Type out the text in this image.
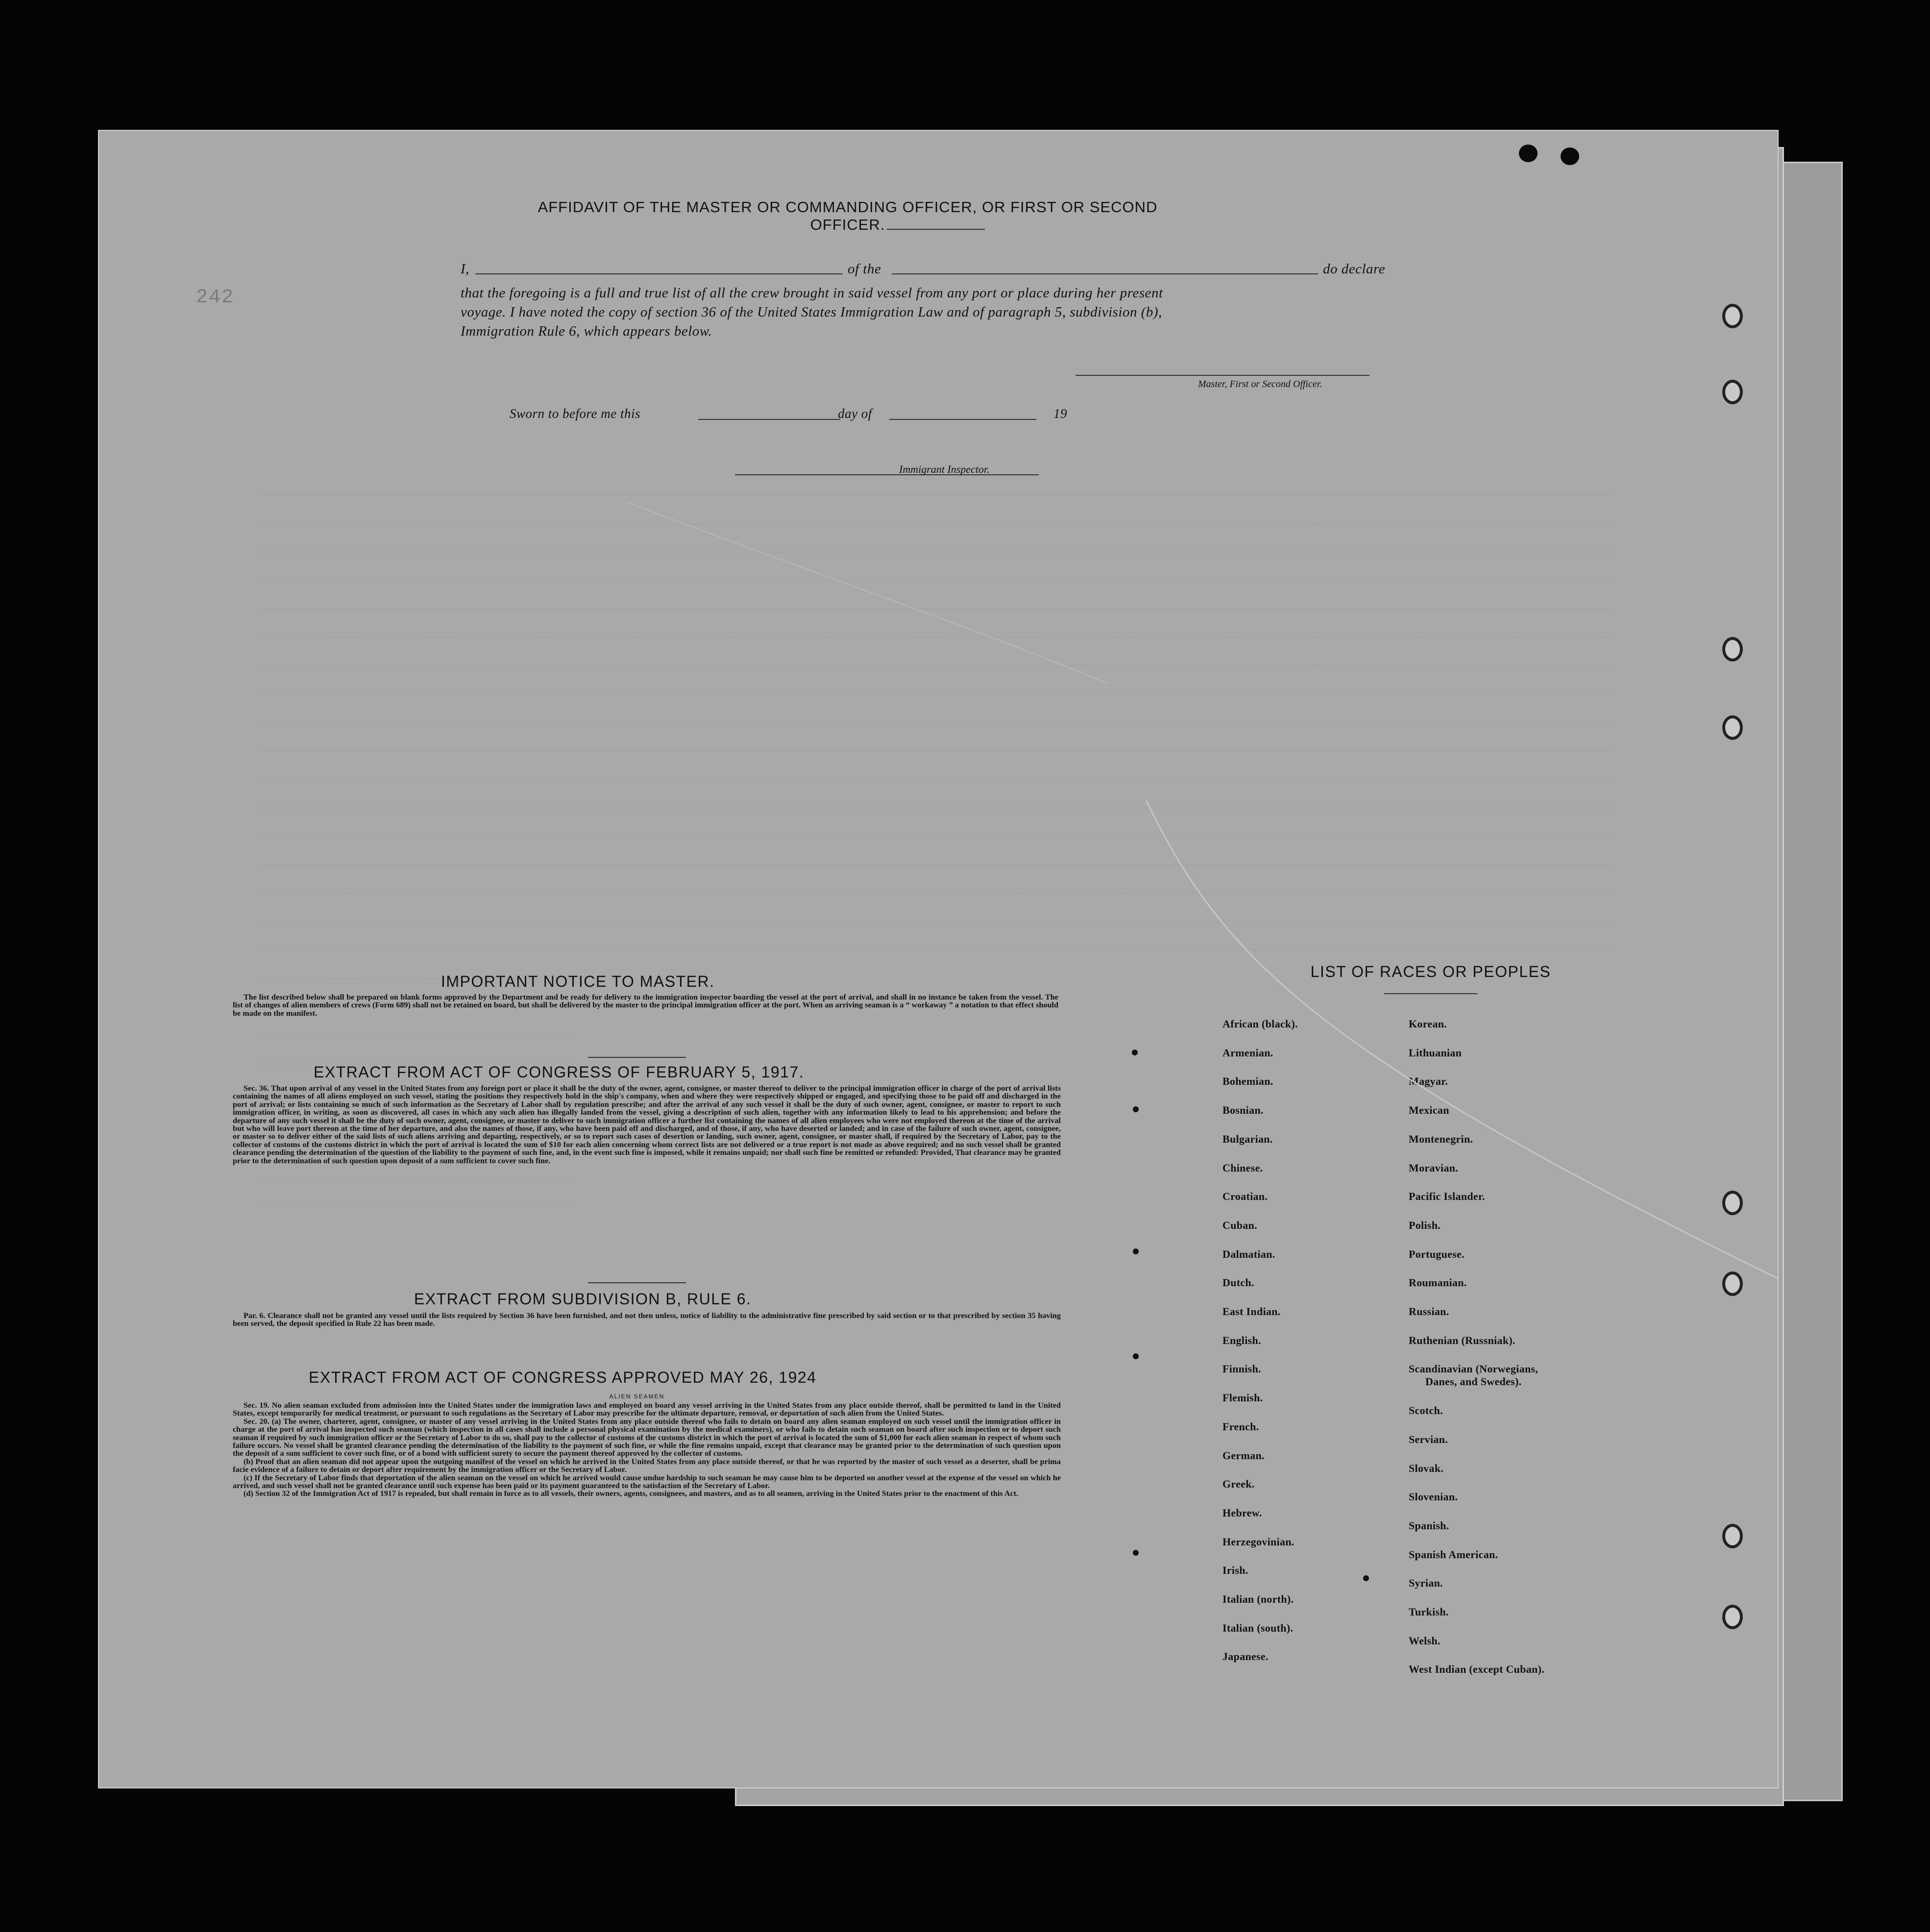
242
AFFIDAVIT OF THE MASTER OR COMMANDING OFFICER, OR FIRST OR SECOND OFFICER.
I,	of the	do declare
that the foregoing is a full and true list of all the crew brought in said vessel from any port or place during her present
voyage. I have noted the copy of section 36 of the United States Immigration Law and of paragraph 5, subdivision (b),
Immigration Rule 6, which appears below.
Master, First or Second Officer.
Sworn to before me this	day of	19
Immigrant Inspector.
IMPORTANT NOTICE TO MASTER.
The list described below shall be prepared on blank forms approved by the Department and be ready for delivery to the immigration inspector boarding the vessel at the port of arrival, and shall in no instance be taken from the vessel. The list of changes of alien members of crews (Form 689) shall not be retained on board, but shall be delivered by the master to the principal immigration officer at the port. When an arriving seaman is a “ workaway ” a notation to that effect should be made on the manifest.
EXTRACT FROM ACT OF CONGRESS OF FEBRUARY 5, 1917.
Sec. 36. That upon arrival of any vessel in the United States from any foreign port or place it shall be the duty of the owner, agent, consignee, or master thereof to deliver to the principal immigration officer in charge of the port of arrival lists containing the names of all aliens employed on such vessel, stating the positions they respectively hold in the ship's company, when and where they were respectively shipped or engaged, and specifying those to be paid off and discharged in the port of arrival; or lists containing so much of such information as the Secretary of Labor shall by regulation prescribe; and after the arrival of any such vessel it shall be the duty of such owner, agent, consignee, or master to report to such immigration officer, in writing, as soon as discovered, all cases in which any such alien has illegally landed from the vessel, giving a description of such alien, together with any information likely to lead to his apprehension; and before the departure of any such vessel it shall be the duty of such owner, agent, consignee, or master to deliver to such immigration officer a further list containing the names of all alien employees who were not employed thereon at the time of the arrival but who will leave port thereon at the time of her departure, and also the names of those, if any, who have been paid off and discharged, and of those, if any, who have deserted or landed; and in case of the failure of such owner, agent, consignee, or master so to deliver either of the said lists of such aliens arriving and departing, respectively, or so to report such cases of desertion or landing, such owner, agent, consignee, or master shall, if required by the Secretary of Labor, pay to the collector of customs of the customs district in which the port of arrival is located the sum of $10 for each alien concerning whom correct lists are not delivered or a true report is not made as above required; and no such vessel shall be granted clearance pending the determination of the question of the liability to the payment of such fine, and, in the event such fine is imposed, while it remains unpaid; nor shall such fine be remitted or refunded: Provided, That clearance may be granted prior to the determination of such question upon deposit of a sum sufficient to cover such fine.
EXTRACT FROM SUBDIVISION B, RULE 6.
Par. 6. Clearance shall not be granted any vessel until the lists required by Section 36 have been furnished, and not then unless, notice of liability to the administrative fine prescribed by said section or to that prescribed by section 35 having been served, the deposit specified in Rule 22 has been made.
EXTRACT FROM ACT OF CONGRESS APPROVED MAY 26, 1924
ALIEN SEAMEN

Sec. 19. No alien seaman excluded from admission into the United States under the immigration laws and employed on board any vessel arriving in the United States from any place outside thereof, shall be permitted to land in the United States, except temporarily for medical treatment, or pursuant to such regulations as the Secretary of Labor may prescribe for the ultimate departure, removal, or deportation of such alien from the United States.

Sec. 20. (a) The owner, charterer, agent, consignee, or master of any vessel arriving in the United States from any place outside thereof who fails to detain on board any alien seaman employed on such vessel until the immigration officer in charge at the port of arrival has inspected such seaman (which inspection in all cases shall include a personal physical examination by the medical examiners), or who fails to detain such seaman on board after such inspection or to deport such seaman if required by such immigration officer or the Secretary of Labor to do so, shall pay to the collector of customs of the customs district in which the port of arrival is located the sum of $1,000 for each alien seaman in respect of whom such failure occurs. No vessel shall be granted clearance pending the determination of the liability to the payment of such fine, or while the fine remains unpaid, except that clearance may be granted prior to the determination of such question upon the deposit of a sum sufficient to cover such fine, or of a bond with sufficient surety to secure the payment thereof approved by the collector of customs.

(b) Proof that an alien seaman did not appear upon the outgoing manifest of the vessel on which he arrived in the United States from any place outside thereof, or that he was reported by the master of such vessel as a deserter, shall be prima facie evidence of a failure to detain or deport after requirement by the immigration officer or the Secretary of Labor.

(c) If the Secretary of Labor finds that deportation of the alien seaman on the vessel on which he arrived would cause undue hardship to such seaman he may cause him to be deported on another vessel at the expense of the vessel on which he arrived, and such vessel shall not be granted clearance until such expense has been paid or its payment guaranteed to the satisfaction of the Secretary of Labor.

(d) Section 32 of the Immigration Act of 1917 is repealed, but shall remain in force as to all vessels, their owners, agents, consignees, and masters, and as to all seamen, arriving in the United States prior to the enactment of this Act.

LIST OF RACES OR PEOPLES
African (black).
Armenian.
Bohemian.
Bosnian.
Bulgarian.
Chinese.
Croatian.
Cuban.
Dalmatian.
Dutch.
East Indian.
English.
Finnish.
Flemish.
French.
German.
Greek.
Hebrew.
Herzegovinian.
Irish.
Italian (north).
Italian (south).
Japanese.
Korean.
Lithuanian
Magyar.
Mexican
Montenegrin.
Moravian.
Pacific Islander.
Polish.
Portuguese.
Roumanian.
Russian.
Ruthenian (Russniak).
Scandinavian (Norwegians,
Danes, and Swedes).
Scotch.
Servian.
Slovak.
Slovenian.
Spanish.
Spanish American.
Syrian.
Turkish.
Welsh.
West Indian (except Cuban).
